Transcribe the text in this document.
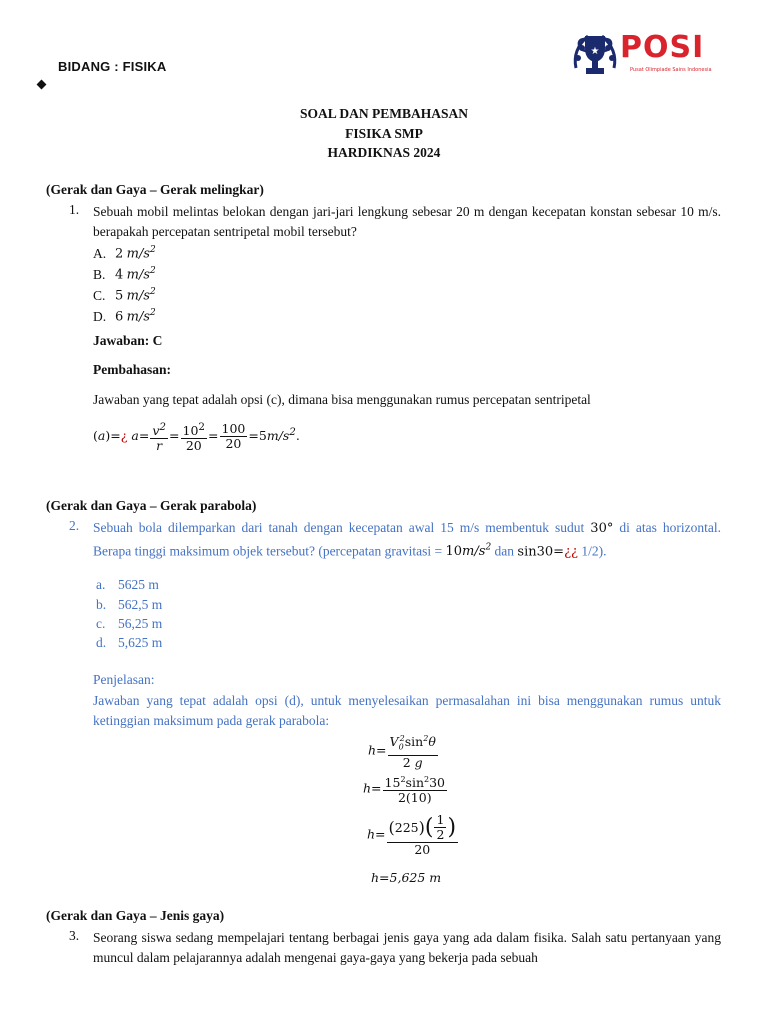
BIDANG : FISIKA
★ POSI
Pusat Olimpiade Sains Indonesia
SOAL DAN PEMBAHASAN
FISIKA SMP
HARDIKNAS 2024
(Gerak dan Gaya – Gerak melingkar)
1. Sebuah mobil melintas belokan dengan jari-jari lengkung sebesar 20 m dengan kecepatan konstan sebesar 10 m/s. berapakah percepatan sentripetal mobil tersebut?
A. 2 $m/s^2$
B. 4 $m/s^2$
C. 5 $m/s^2$
D. 6 $m/s^2$
Jawaban: C
Pembahasan:
Jawaban yang tepat adalah opsi (c), dimana bisa menggunakan rumus percepatan sentripetal
(a)=¿ $a= \frac{v^2}{r} = \frac{10^2}{20} = \frac{100}{20} =5m/s^2$.
(Gerak dan Gaya – Gerak parabola)
2. Sebuah bola dilemparkan dari tanah dengan kecepatan awal 15 m/s membentuk sudut 30° di atas horizontal. Berapa tinggi maksimum objek tersebut? (percepatan gravitasi = $10m/s^2$ dan sin30=¿¿ 1/2).
a. 5625 m
b. 562,5 m
c. 56,25 m
d. 5,625 m
Penjelasan:
Jawaban yang tepat adalah opsi (d), untuk menyelesaikan permasalahan ini bisa menggunakan rumus untuk ketinggian maksimum pada gerak parabola:
$h= \frac{V_0^2\sin^2\theta}{2 g}$
$h= \frac{15^2\sin^230}{2(10)}$
$h= \frac{( 225 ) ( \frac{1}{2} )}{20}$
h=5,625 m
(Gerak dan Gaya – Jenis gaya)
3. Seorang siswa sedang mempelajari tentang berbagai jenis gaya yang ada dalam fisika. Salah satu pertanyaan yang muncul dalam pelajarannya adalah mengenai gaya-gaya yang bekerja pada sebuah
